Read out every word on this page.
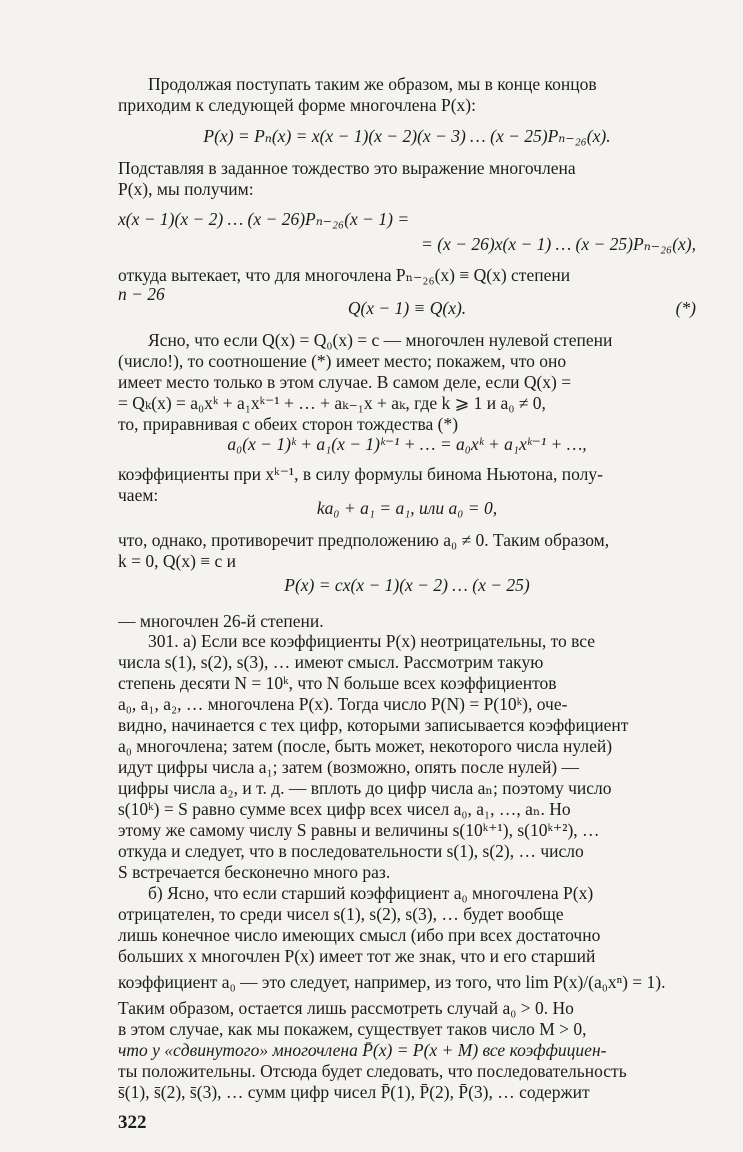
Продолжая поступать таким же образом, мы в конце концов
приходим к следующей форме многочлена P(x):
P(x) = Pₙ(x) = x(x − 1)(x − 2)(x − 3) … (x − 25)Pₙ₋₂₆(x).
Подставляя в заданное тождество это выражение многочлена
P(x), мы получим:
x(x − 1)(x − 2) … (x − 26)Pₙ₋₂₆(x − 1) =
= (x − 26)x(x − 1) … (x − 25)Pₙ₋₂₆(x),
откуда вытекает, что для многочлена Pₙ₋₂₆(x) ≡ Q(x) степени
n − 26
Q(x − 1) ≡ Q(x).	(*)
Ясно, что если Q(x) = Q₀(x) = c — многочлен нулевой степени
(число!), то соотношение (*) имеет место; покажем, что оно
имеет место только в этом случае. В самом деле, если Q(x) =
= Qₖ(x) = a₀xᵏ + a₁xᵏ⁻¹ + … + aₖ₋₁x + aₖ, где k ⩾ 1 и a₀ ≠ 0,
то, приравнивая с обеих сторон тождества (*)
a₀(x − 1)ᵏ + a₁(x − 1)ᵏ⁻¹ + … = a₀xᵏ + a₁xᵏ⁻¹ + …,
коэффициенты при xᵏ⁻¹, в силу формулы бинома Ньютона, полу-
чаем:
ka₀ + a₁ = a₁, или a₀ = 0,
что, однако, противоречит предположению a₀ ≠ 0. Таким образом,
k = 0, Q(x) ≡ c и
P(x) = cx(x − 1)(x − 2) … (x − 25)
— многочлен 26-й степени.
301. а) Если все коэффициенты P(x) неотрицательны, то все
числа s(1), s(2), s(3), … имеют смысл. Рассмотрим такую
степень десяти N = 10ᵏ, что N больше всех коэффициентов
a₀, a₁, a₂, … многочлена P(x). Тогда число P(N) = P(10ᵏ), оче-
видно, начинается с тех цифр, которыми записывается коэффициент
a₀ многочлена; затем (после, быть может, некоторого числа нулей)
идут цифры числа a₁; затем (возможно, опять после нулей) —
цифры числа a₂, и т. д. — вплоть до цифр числа aₙ; поэтому число
s(10ᵏ) = S равно сумме всех цифр всех чисел a₀, a₁, …, aₙ. Но
этому же самому числу S равны и величины s(10ᵏ⁺¹), s(10ᵏ⁺²), …
откуда и следует, что в последовательности s(1), s(2), … число
S встречается бесконечно много раз.
б) Ясно, что если старший коэффициент a₀ многочлена P(x)
отрицателен, то среди чисел s(1), s(2), s(3), … будет вообще
лишь конечное число имеющих смысл (ибо при всех достаточно
больших x многочлен P(x) имеет тот же знак, что и его старший
коэффициент a₀ — это следует, например, из того, что lim P(x)/(a₀xⁿ) = 1).
Таким образом, остается лишь рассмотреть случай a₀ > 0. Но
в этом случае, как мы покажем, существует таков число M > 0,
что у «сдвинутого» многочлена P̄(x) = P(x + M) все коэффициен-
ты положительны. Отсюда будет следовать, что последовательность
s̄(1), s̄(2), s̄(3), … сумм цифр чисел P̄(1), P̄(2), P̄(3), … содержит
322
